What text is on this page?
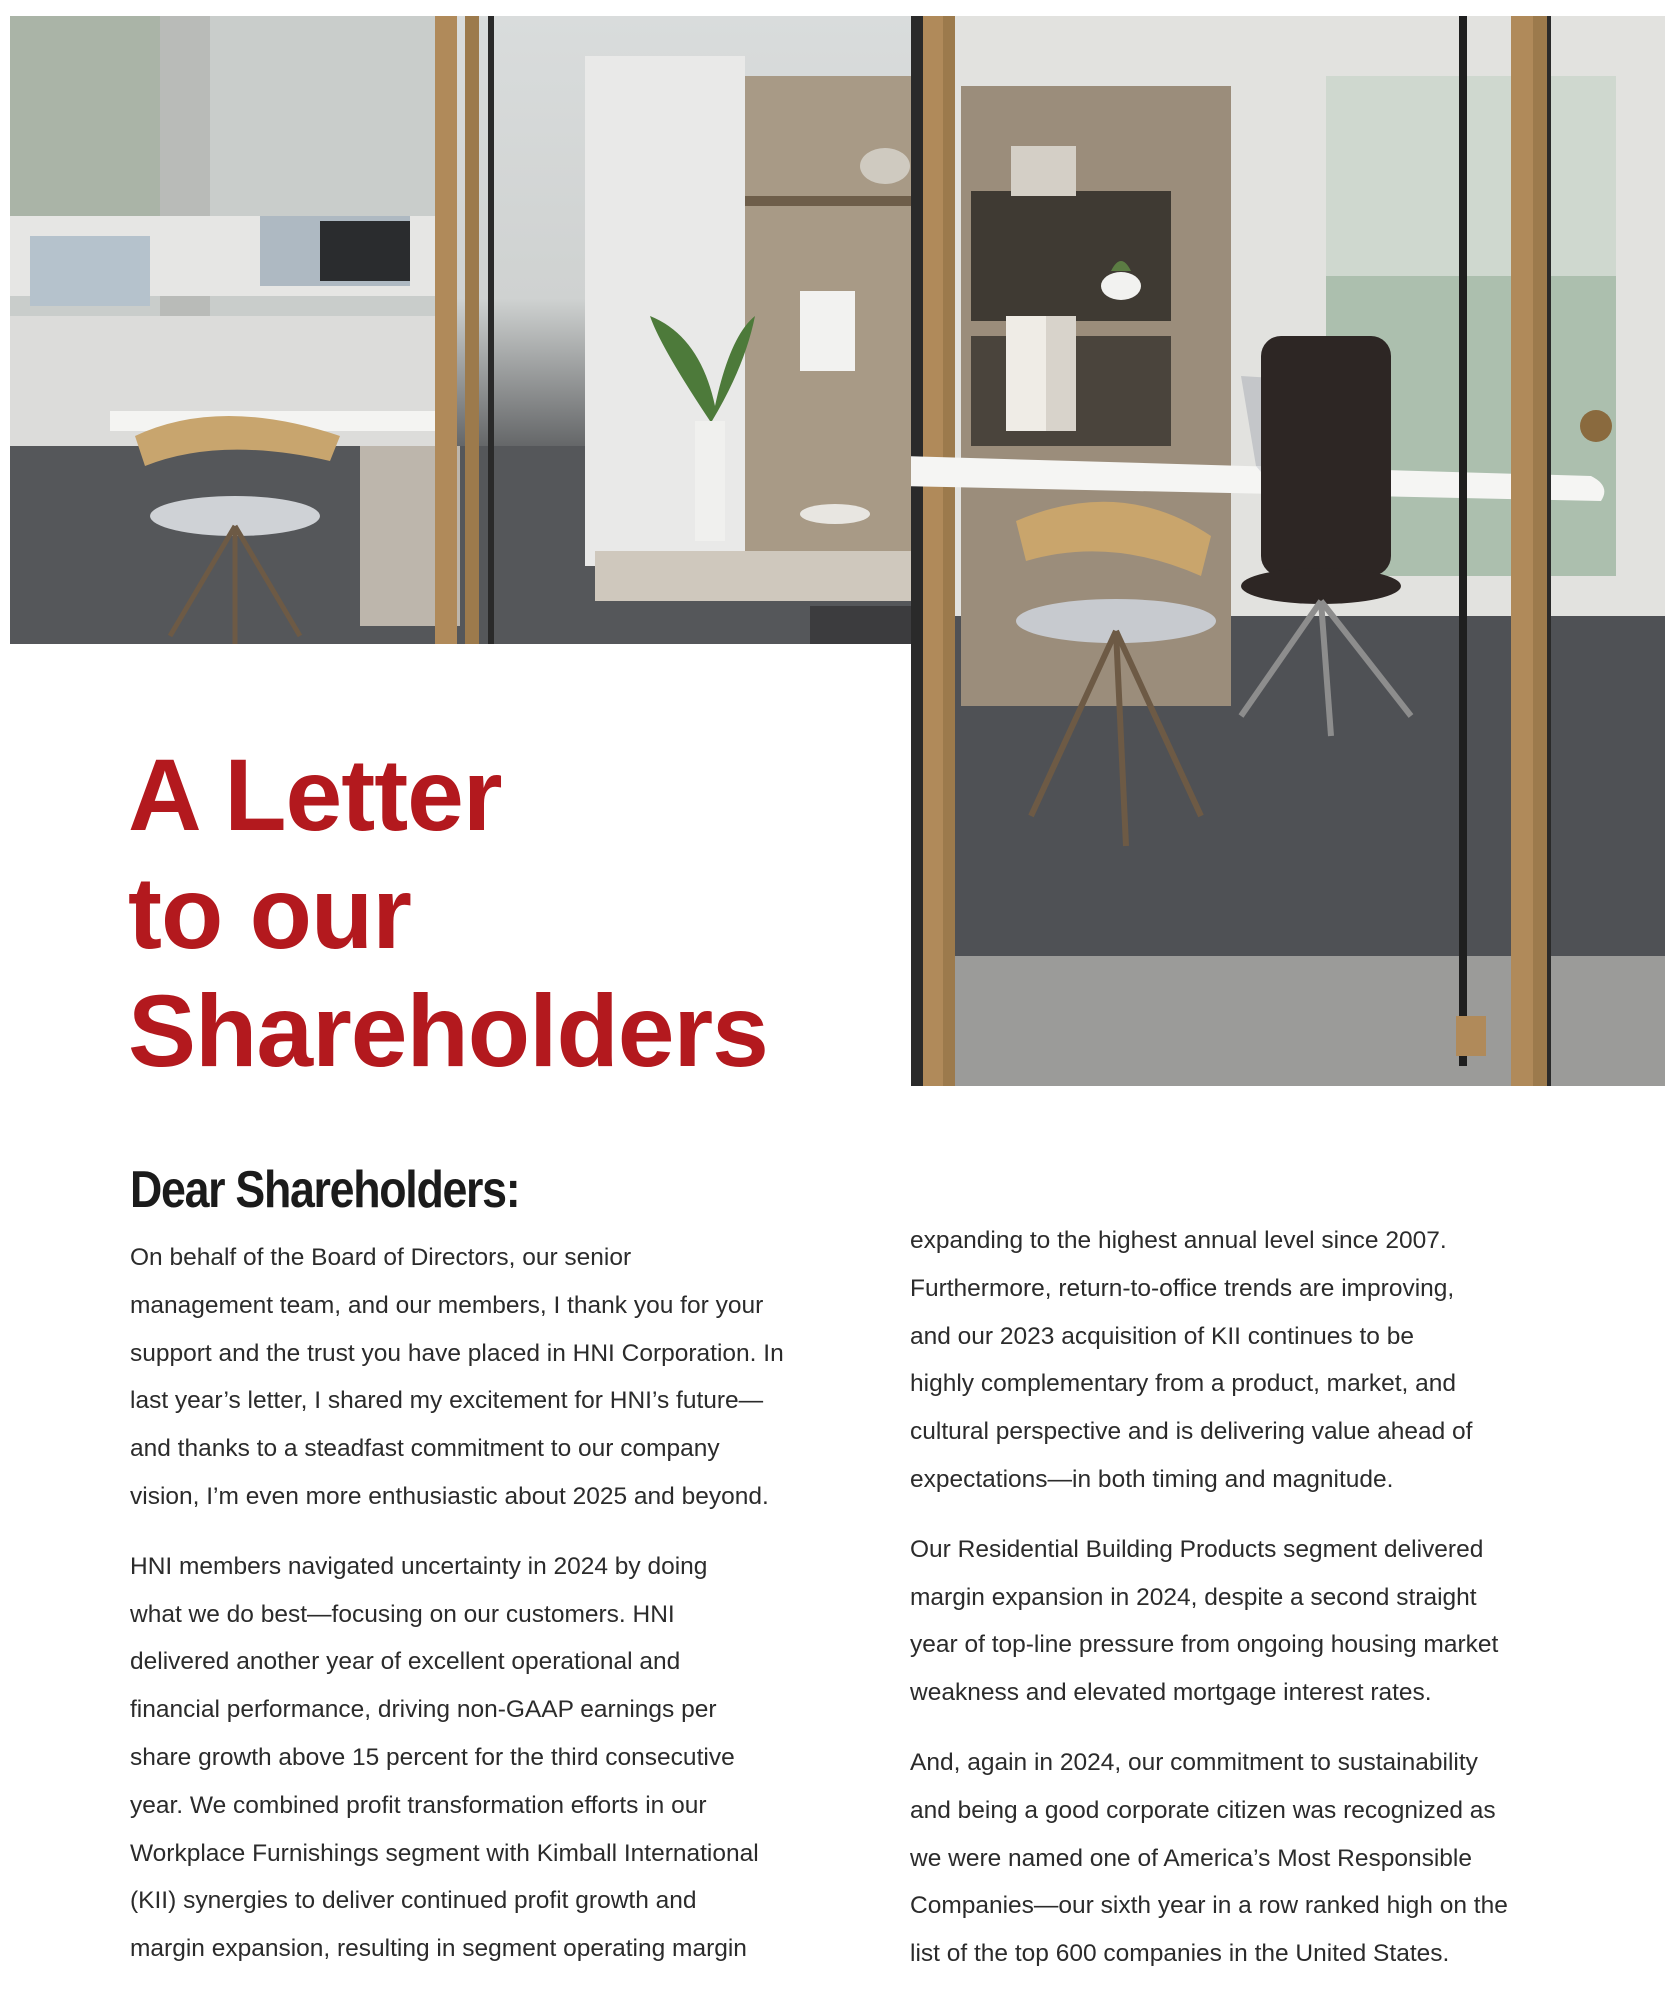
A Letter
to our
Shareholders
Dear Shareholders:

On behalf of the Board of Directors, our senior
management team, and our members, I thank you for your
support and the trust you have placed in HNI Corporation. In
last year’s letter, I shared my excitement for HNI’s future—
and thanks to a steadfast commitment to our company
vision, I’m even more enthusiastic about 2025 and beyond.

HNI members navigated uncertainty in 2024 by doing
what we do best—focusing on our customers. HNI
delivered another year of excellent operational and
financial performance, driving non-GAAP earnings per
share growth above 15 percent for the third consecutive
year. We combined profit transformation efforts in our
Workplace Furnishings segment with Kimball International
(KII) synergies to deliver continued profit growth and
margin expansion, resulting in segment operating margin

expanding to the highest annual level since 2007.
Furthermore, return-to-office trends are improving,
and our 2023 acquisition of KII continues to be
highly complementary from a product, market, and
cultural perspective and is delivering value ahead of
expectations—in both timing and magnitude.

Our Residential Building Products segment delivered
margin expansion in 2024, despite a second straight
year of top-line pressure from ongoing housing market
weakness and elevated mortgage interest rates.

And, again in 2024, our commitment to sustainability
and being a good corporate citizen was recognized as
we were named one of America’s Most Responsible
Companies—our sixth year in a row ranked high on the
list of the top 600 companies in the United States.
